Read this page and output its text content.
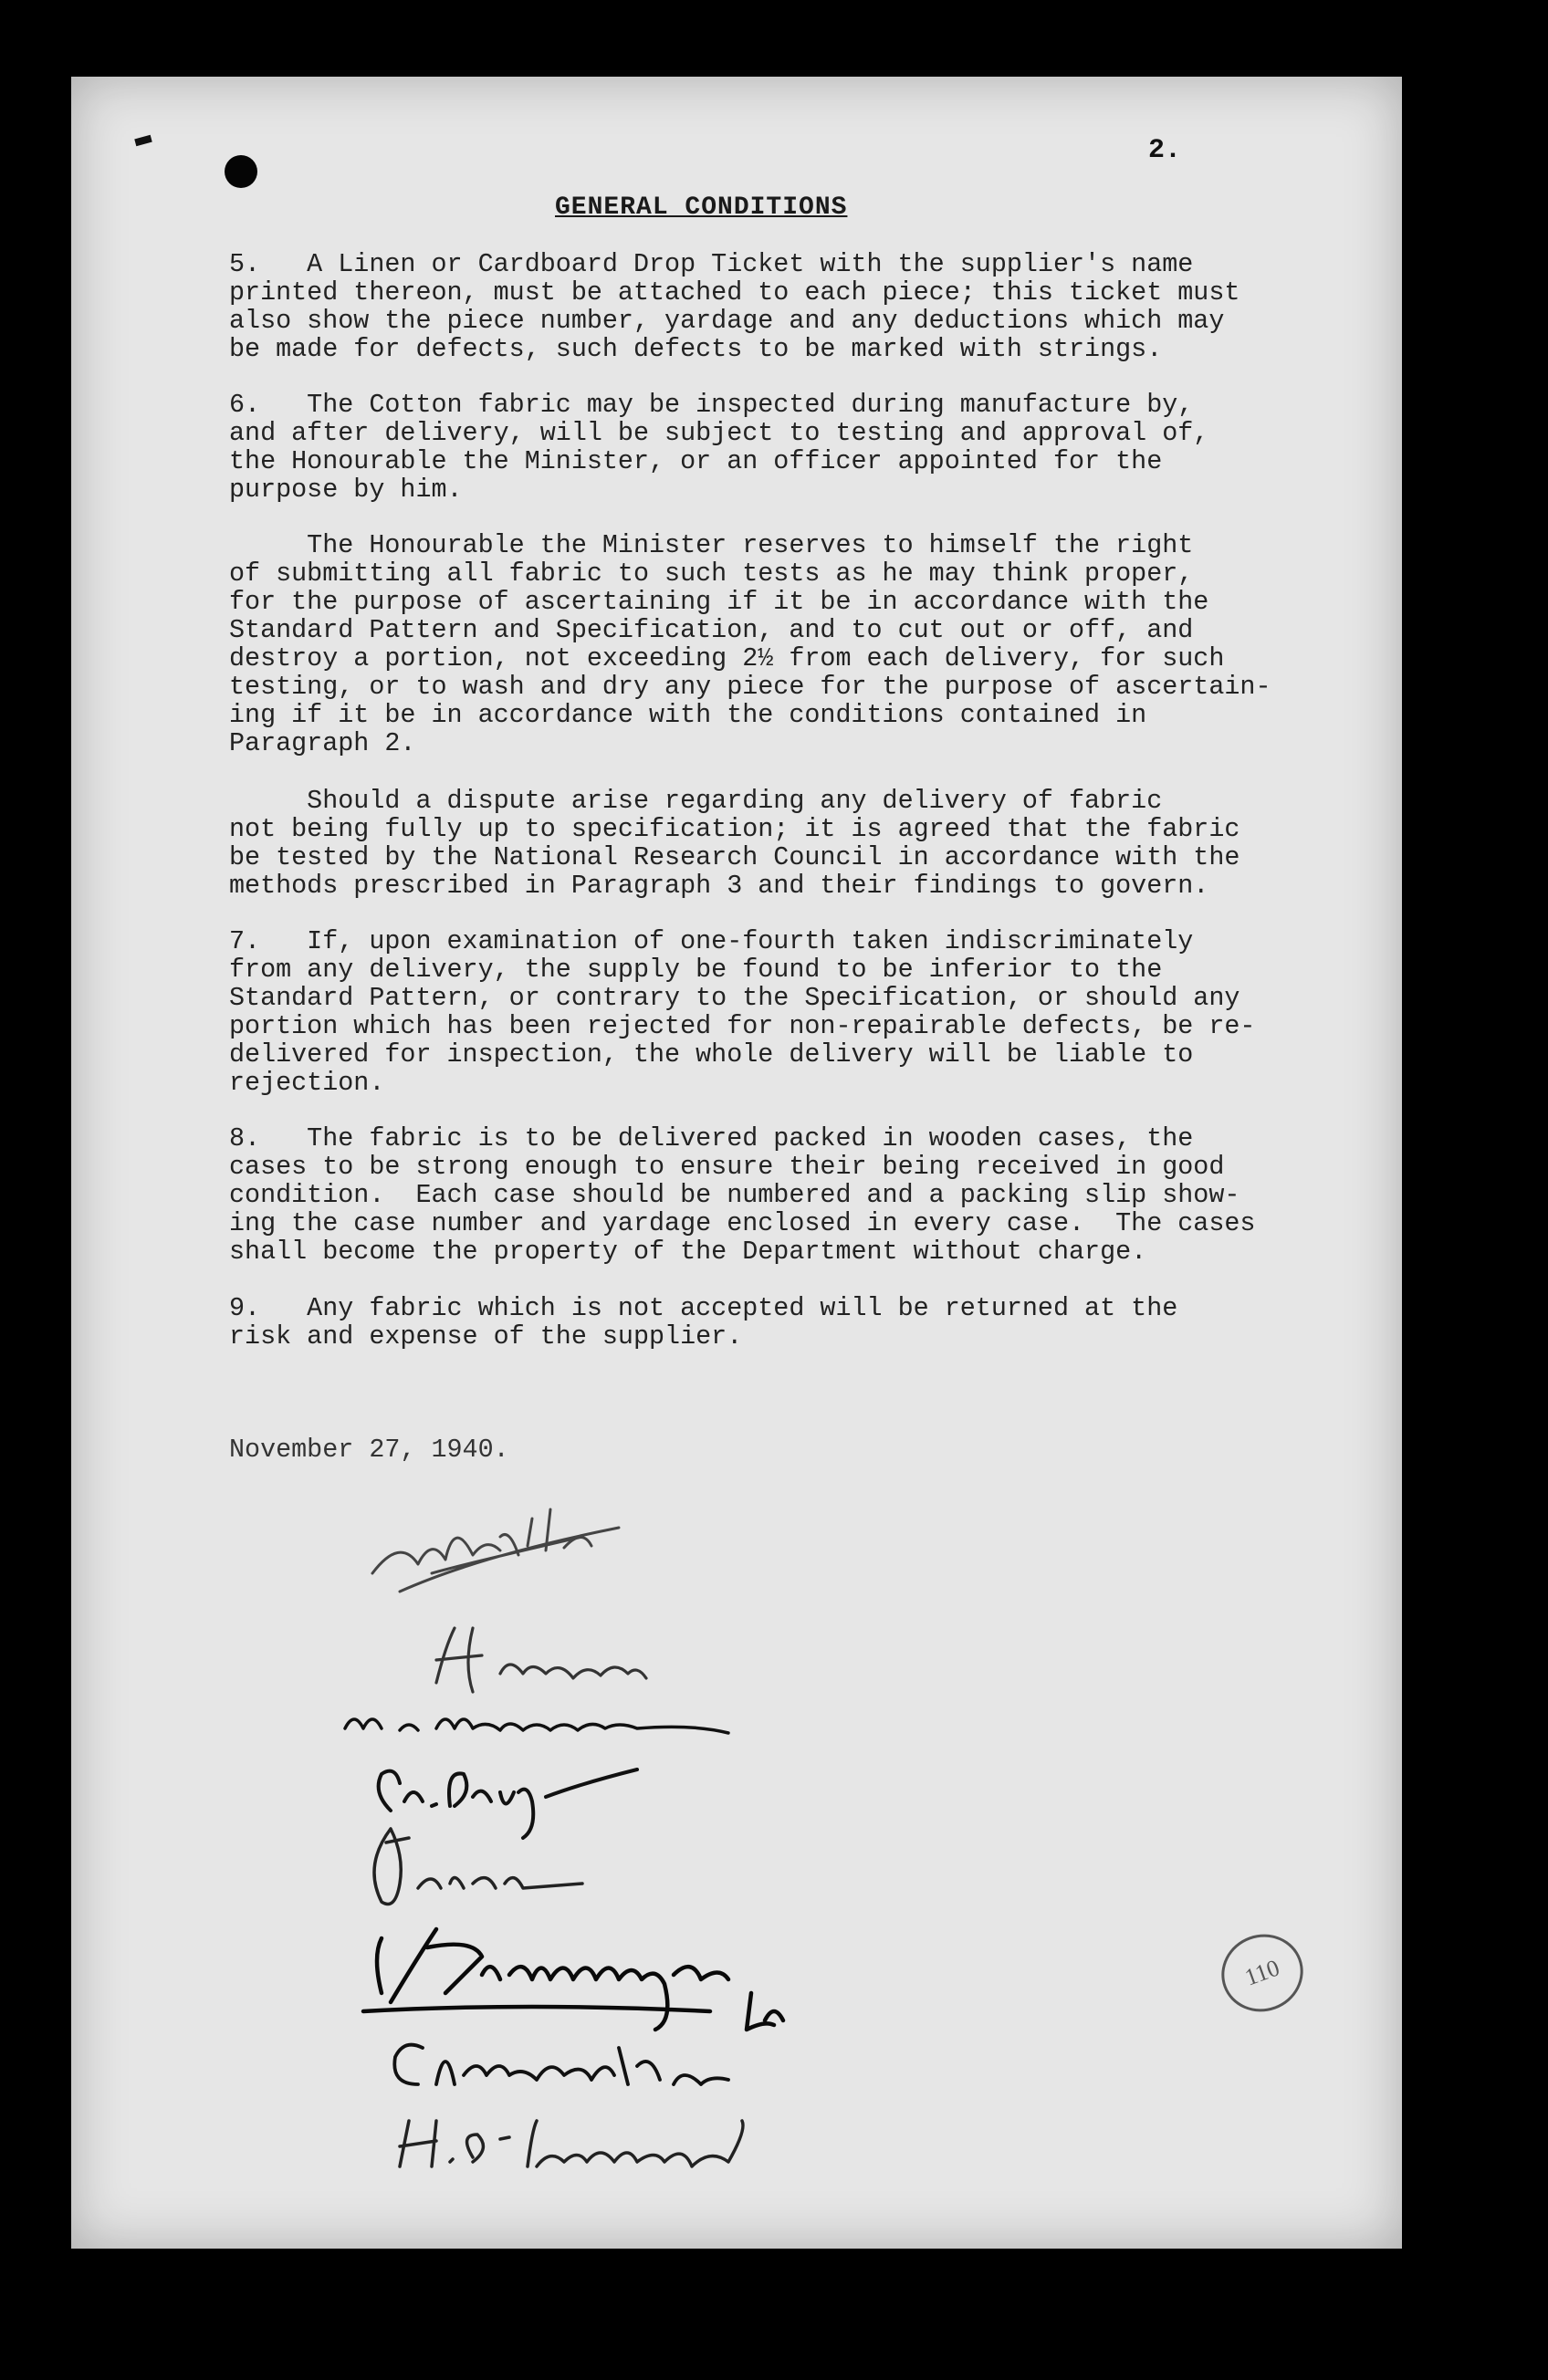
2.
GENERAL CONDITIONS
5.   A Linen or Cardboard Drop Ticket with the supplier's name
printed thereon, must be attached to each piece; this ticket must
also show the piece number, yardage and any deductions which may
be made for defects, such defects to be marked with strings.
6.   The Cotton fabric may be inspected during manufacture by,
and after delivery, will be subject to testing and approval of,
the Honourable the Minister, or an officer appointed for the
purpose by him.
The Honourable the Minister reserves to himself the right
of submitting all fabric to such tests as he may think proper,
for the purpose of ascertaining if it be in accordance with the
Standard Pattern and Specification, and to cut out or off, and
destroy a portion, not exceeding 2½ from each delivery, for such
testing, or to wash and dry any piece for the purpose of ascertain-
ing if it be in accordance with the conditions contained in
Paragraph 2.
Should a dispute arise regarding any delivery of fabric
not being fully up to specification; it is agreed that the fabric
be tested by the National Research Council in accordance with the
methods prescribed in Paragraph 3 and their findings to govern.
7.   If, upon examination of one-fourth taken indiscriminately
from any delivery, the supply be found to be inferior to the
Standard Pattern, or contrary to the Specification, or should any
portion which has been rejected for non-repairable defects, be re-
delivered for inspection, the whole delivery will be liable to
rejection.
8.   The fabric is to be delivered packed in wooden cases, the
cases to be strong enough to ensure their being received in good
condition.  Each case should be numbered and a packing slip show-
ing the case number and yardage enclosed in every case.  The cases
shall become the property of the Department without charge.
9.   Any fabric which is not accepted will be returned at the
risk and expense of the supplier.
November 27, 1940.
110
